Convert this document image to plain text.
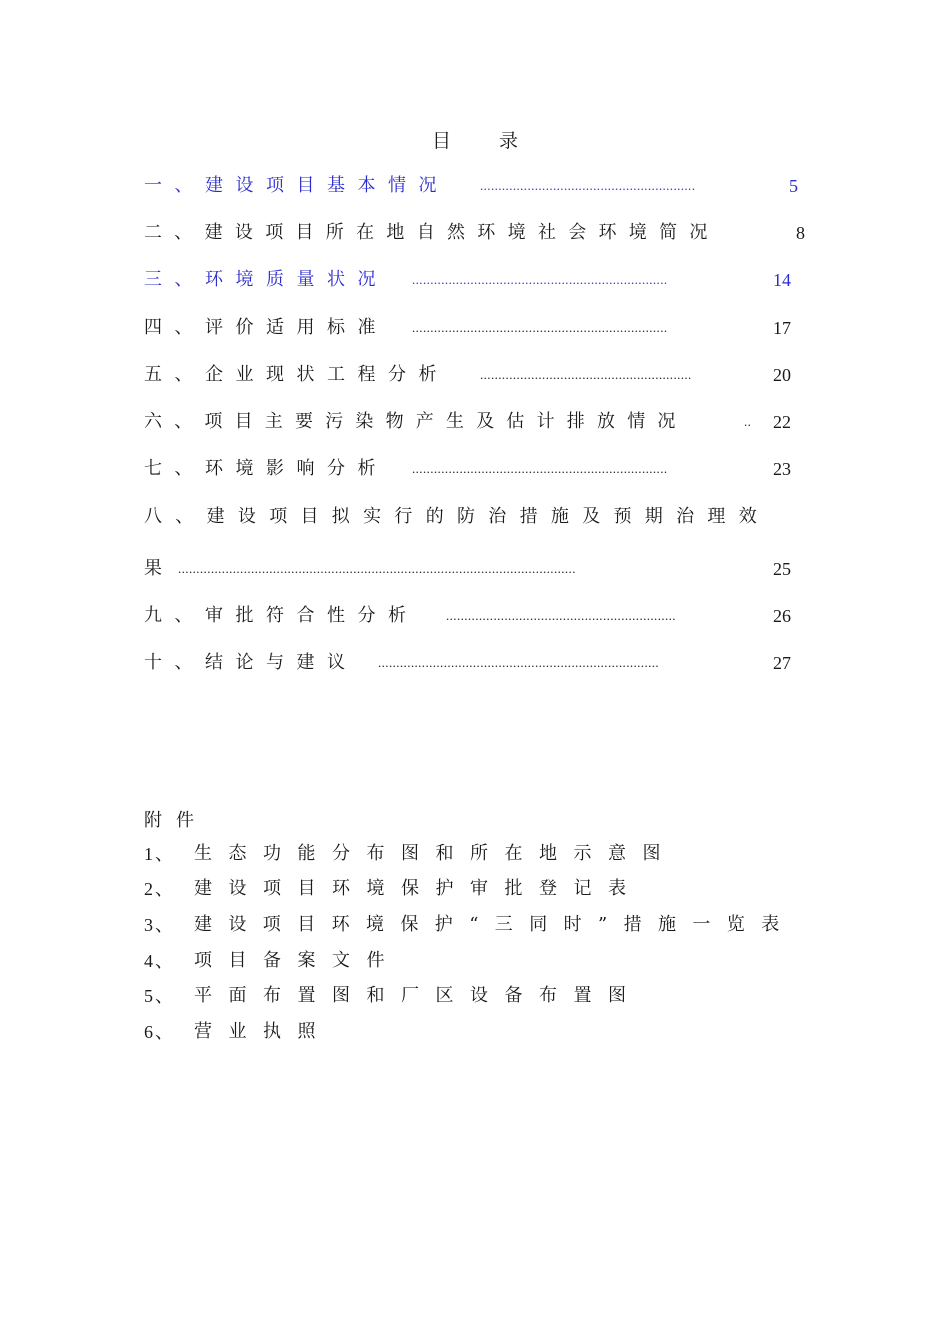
目录
一、建设项目基本情况 ...........................................................	5
二、建设项目所在地自然环境社会环境简况	8
三、环境质量状况 ......................................................................	14
四、评价适用标准 ......................................................................	17
五、企业现状工程分析 ..........................................................	20
六、项目主要污染物产生及估计排放情况	..	22
七、环境影响分析 ......................................................................	23
八、建设项目拟实行的防治措施及预期治理效
果 .............................................................................................................	25
九、审批符合性分析 ...............................................................	26
十、结论与建议 .............................................................................	27
附件
1、 生态功能分布图和所在地示意图
2、 建设项目环境保护审批登记表
3、 建设项目环境保护“三同时”措施一览表
4、 项目备案文件
5、 平面布置图和厂区设备布置图
6、 营业执照
